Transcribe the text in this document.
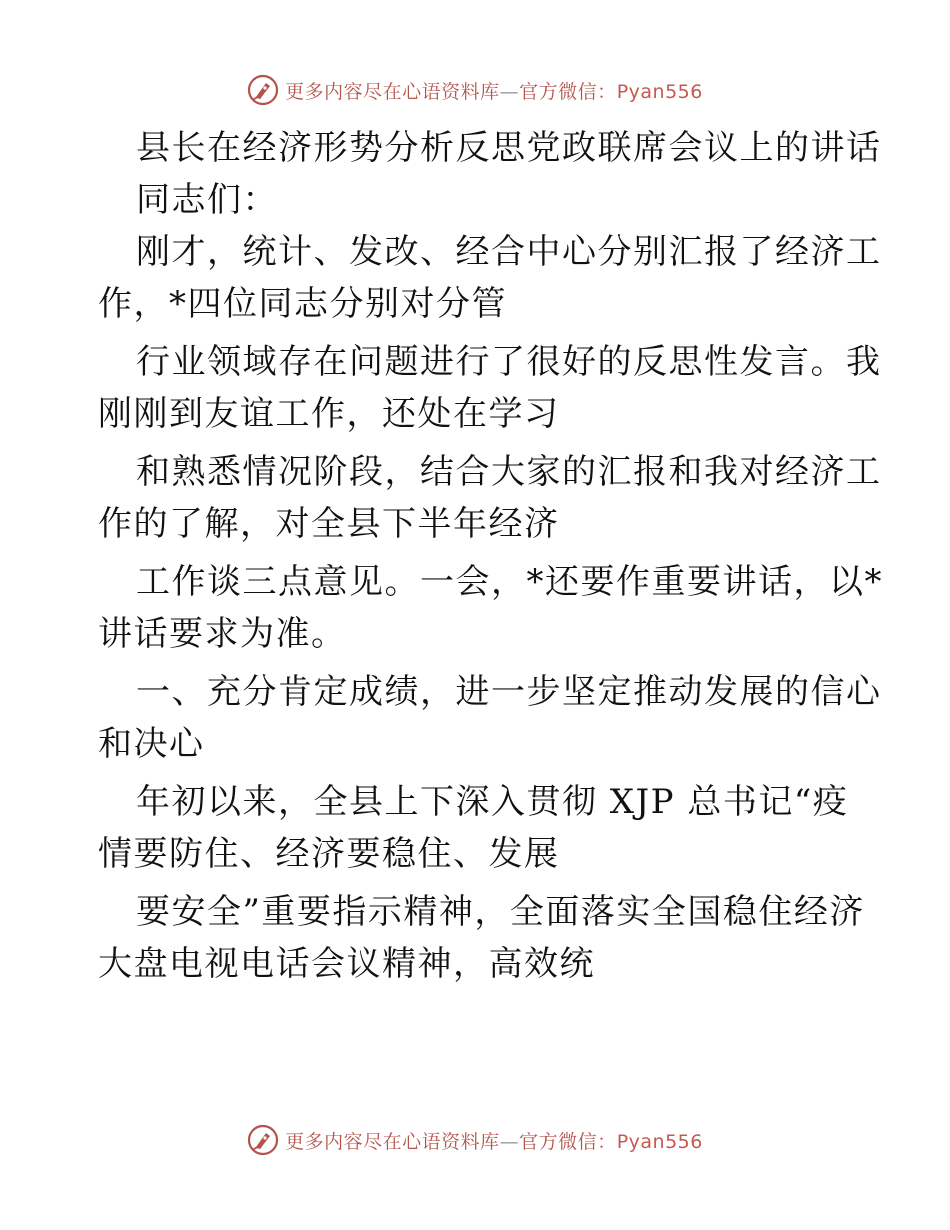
更多内容尽在心语资料库—官方微信：Pyan556
县长在经济形势分析反思党政联席会议上的讲话
同志们：
刚才，统计、发改、经合中心分别汇报了经济工
作，*四位同志分别对分管
行业领域存在问题进行了很好的反思性发言。我
刚刚到友谊工作，还处在学习
和熟悉情况阶段，结合大家的汇报和我对经济工
作的了解，对全县下半年经济
工作谈三点意见。一会，*还要作重要讲话，以*
讲话要求为准。
一、充分肯定成绩，进一步坚定推动发展的信心
和决心
年初以来，全县上下深入贯彻 XJP 总书记“疫
情要防住、经济要稳住、发展
要安全”重要指示精神，全面落实全国稳住经济
大盘电视电话会议精神，高效统
更多内容尽在心语资料库—官方微信：Pyan556
